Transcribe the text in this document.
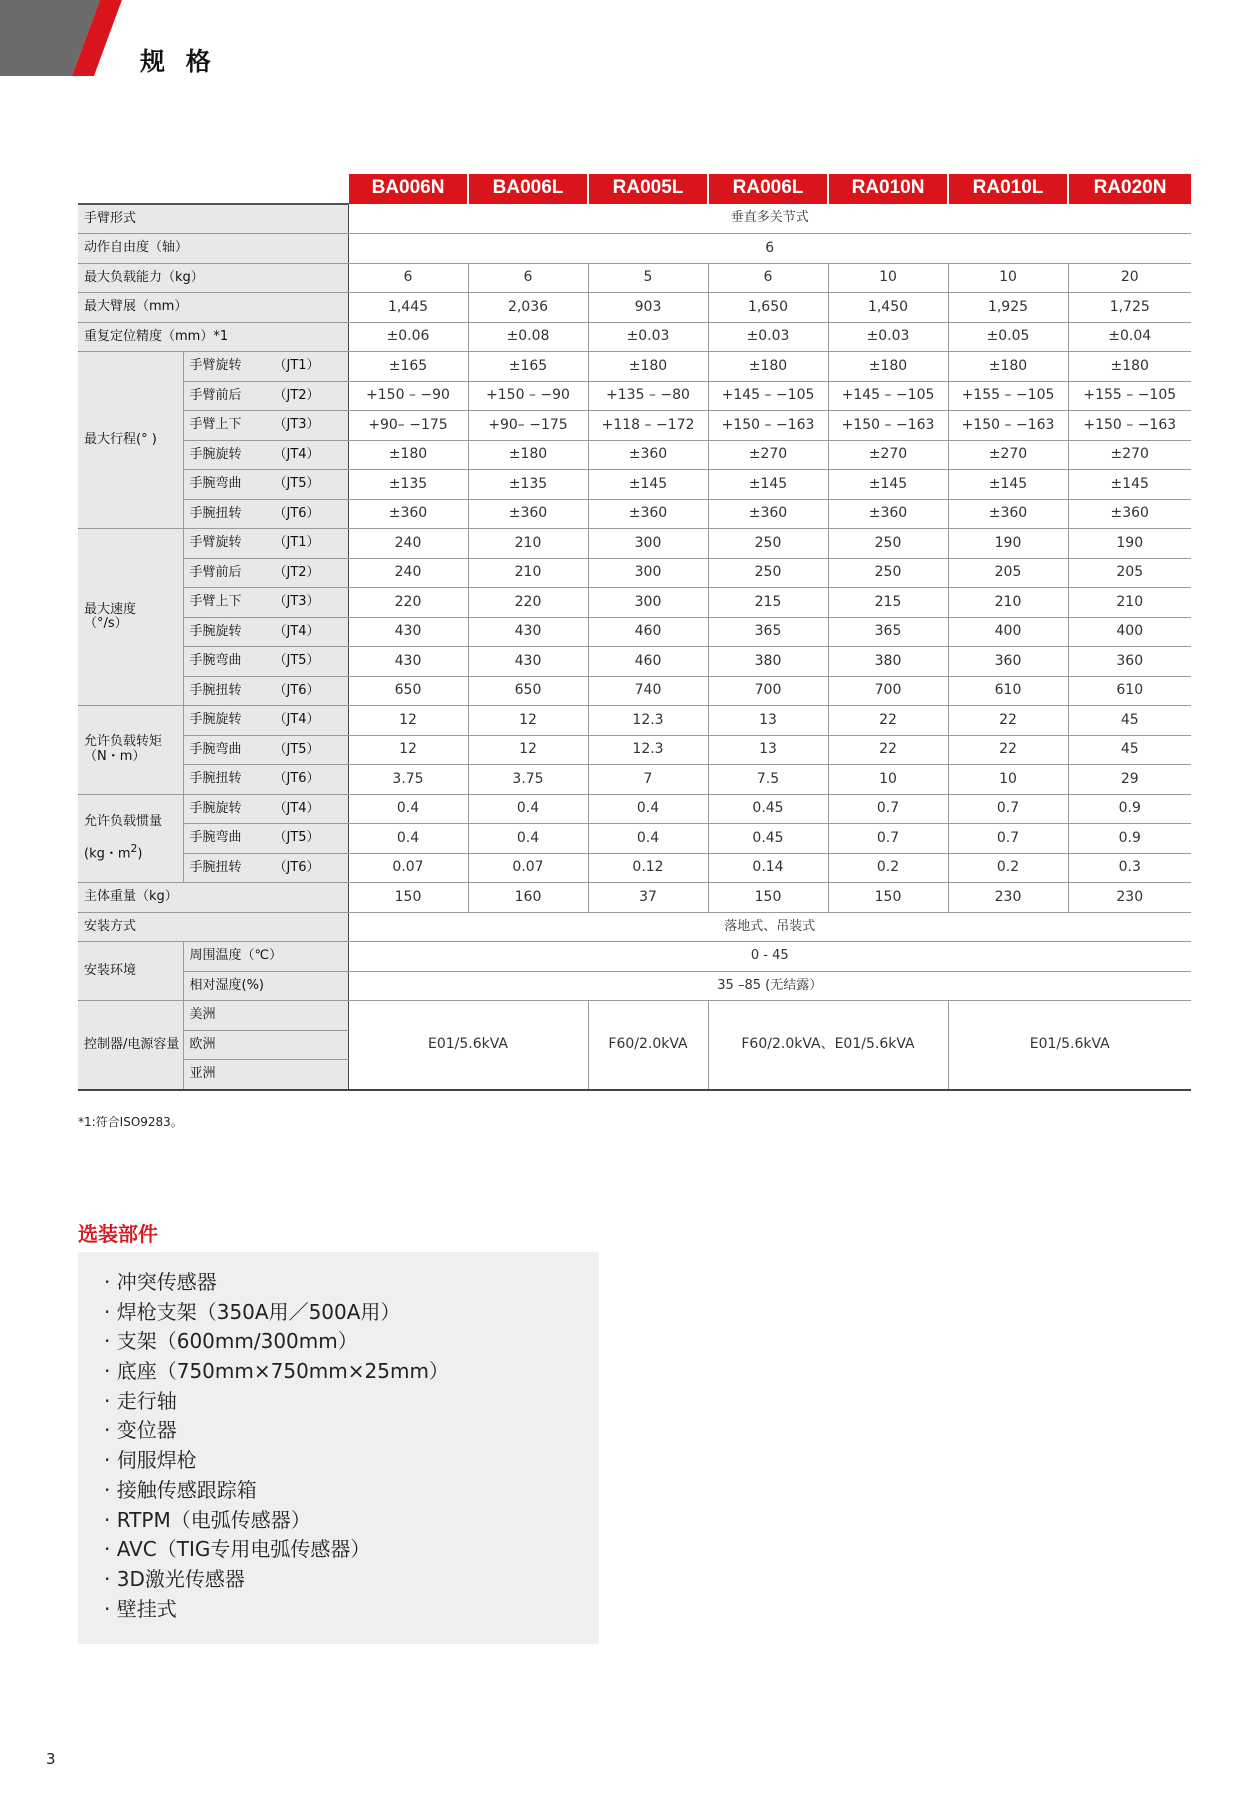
规 格
		BA006N	BA006L	RA005L	RA006L	RA010N	RA010L	RA020N
手臂形式		垂直多关节式						
动作自由度（轴）		6						
最大负载能力（kg）		6	6	5	6	10	10	20
最大臂展（mm）		1,445	2,036	903	1,650	1,450	1,925	1,725
重复定位精度（mm）*1		±0.06	±0.08	±0.03	±0.03	±0.03	±0.05	±0.04
最大行程(° )	手臂旋转 （JT1）	±165	±165	±180	±180	±180	±180	±180
	手臂前后 （JT2）	+150 – −90	+150 – −90	+135 – −80	+145 – −105	+145 – −105	+155 – −105	+155 – −105
	手臂上下 （JT3）	+90– −175	+90– −175	+118 – −172	+150 – −163	+150 – −163	+150 – −163	+150 – −163
	手腕旋转 （JT4）	±180	±180	±360	±270	±270	±270	±270
	手腕弯曲 （JT5）	±135	±135	±145	±145	±145	±145	±145
	手腕扭转 （JT6）	±360	±360	±360	±360	±360	±360	±360
最大速度
（°/s）	手臂旋转 （JT1）	240	210	300	250	250	190	190
	手臂前后 （JT2）	240	210	300	250	250	205	205
	手臂上下 （JT3）	220	220	300	215	215	210	210
	手腕旋转 （JT4）	430	430	460	365	365	400	400
	手腕弯曲 （JT5）	430	430	460	380	380	360	360
	手腕扭转 （JT6）	650	650	740	700	700	610	610
允许负载转矩
（N・m）	手腕旋转 （JT4）	12	12	12.3	13	22	22	45
	手腕弯曲 （JT5）	12	12	12.3	13	22	22	45
	手腕扭转 （JT6）	3.75	3.75	7	7.5	10	10	29
允许负载惯量

(kg・$m^2$)	手腕旋转 （JT4）	0.4	0.4	0.4	0.45	0.7	0.7	0.9
	手腕弯曲 （JT5）	0.4	0.4	0.4	0.45	0.7	0.7	0.9
	手腕扭转 （JT6）	0.07	0.07	0.12	0.14	0.2	0.2	0.3
主体重量（kg）		150	160	37	150	150	230	230
安装方式		落地式、吊装式						
安装环境	周围温度（℃）	0 - 45						
	相对湿度(%)	35 –85 (无结露）						
控制器/电源容量	美洲	E01/5.6kVA		F60/2.0kVA	F60/2.0kVA、E01/5.6kVA		E01/5.6kVA	
	欧洲							
	亚洲							
*1:符合ISO9283。
选装部件
· 冲突传感器
· 焊枪支架（350A用／500A用）
· 支架（600mm/300mm）
· 底座（750mm×750mm×25mm）
· 走行轴
· 变位器
· 伺服焊枪
· 接触传感跟踪箱
· RTPM（电弧传感器）
· AVC（TIG专用电弧传感器）
· 3D激光传感器
· 壁挂式
3
